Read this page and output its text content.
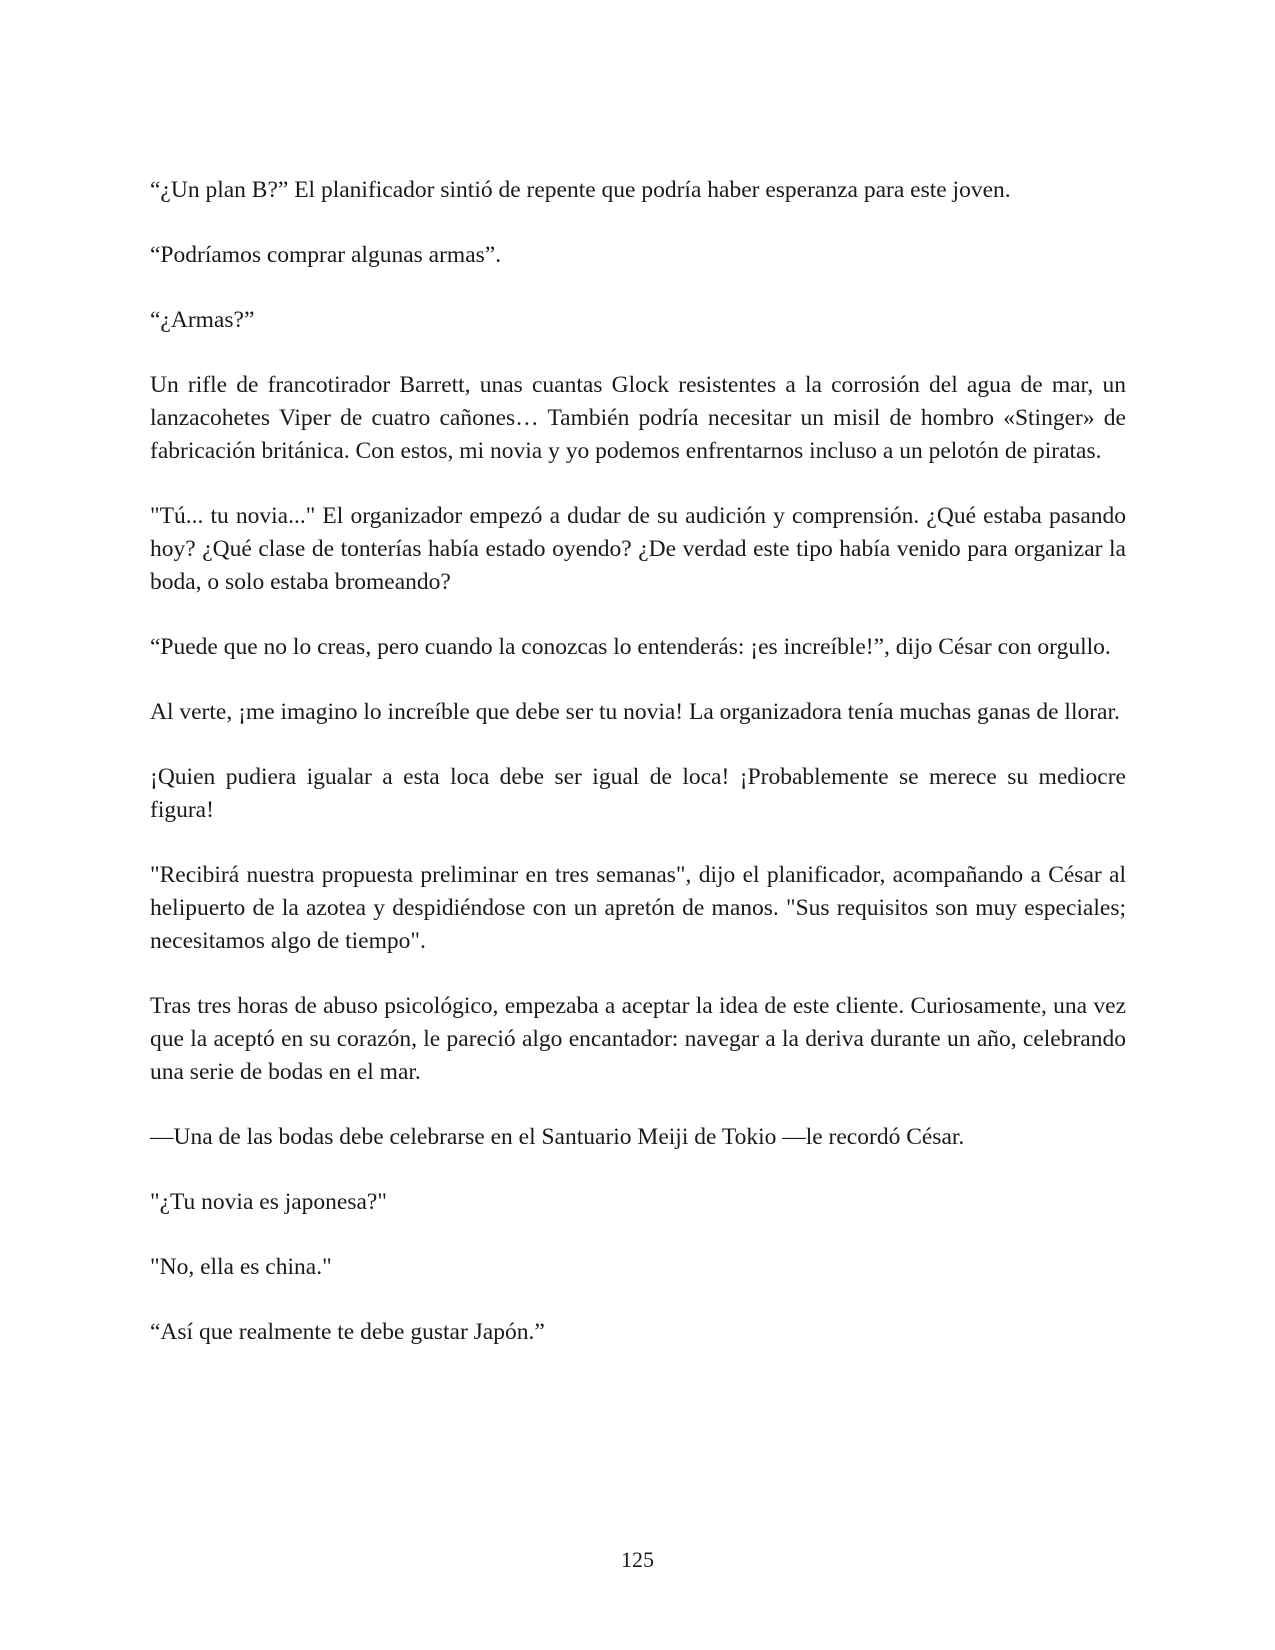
“¿Un plan B?” El planificador sintió de repente que podría haber esperanza para este joven.

“Podríamos comprar algunas armas”.

“¿Armas?”

Un rifle de francotirador Barrett, unas cuantas Glock resistentes a la corrosión del agua de mar, un lanzacohetes Viper de cuatro cañones… También podría necesitar un misil de hombro «Stinger» de fabricación británica. Con estos, mi novia y yo podemos enfrentarnos incluso a un pelotón de piratas.

"Tú... tu novia..." El organizador empezó a dudar de su audición y comprensión. ¿Qué estaba pasando hoy? ¿Qué clase de tonterías había estado oyendo? ¿De verdad este tipo había venido para organizar la boda, o solo estaba bromeando?

“Puede que no lo creas, pero cuando la conozcas lo entenderás: ¡es increíble!”, dijo César con orgullo.

Al verte, ¡me imagino lo increíble que debe ser tu novia! La organizadora tenía muchas ganas de llorar.

¡Quien pudiera igualar a esta loca debe ser igual de loca! ¡Probablemente se merece su mediocre figura!

"Recibirá nuestra propuesta preliminar en tres semanas", dijo el planificador, acompañando a César al helipuerto de la azotea y despidiéndose con un apretón de manos. "Sus requisitos son muy especiales; necesitamos algo de tiempo".

Tras tres horas de abuso psicológico, empezaba a aceptar la idea de este cliente. Curiosamente, una vez que la aceptó en su corazón, le pareció algo encantador: navegar a la deriva durante un año, celebrando una serie de bodas en el mar.

—Una de las bodas debe celebrarse en el Santuario Meiji de Tokio —le recordó César.

"¿Tu novia es japonesa?"

"No, ella es china."

“Así que realmente te debe gustar Japón.”

125
